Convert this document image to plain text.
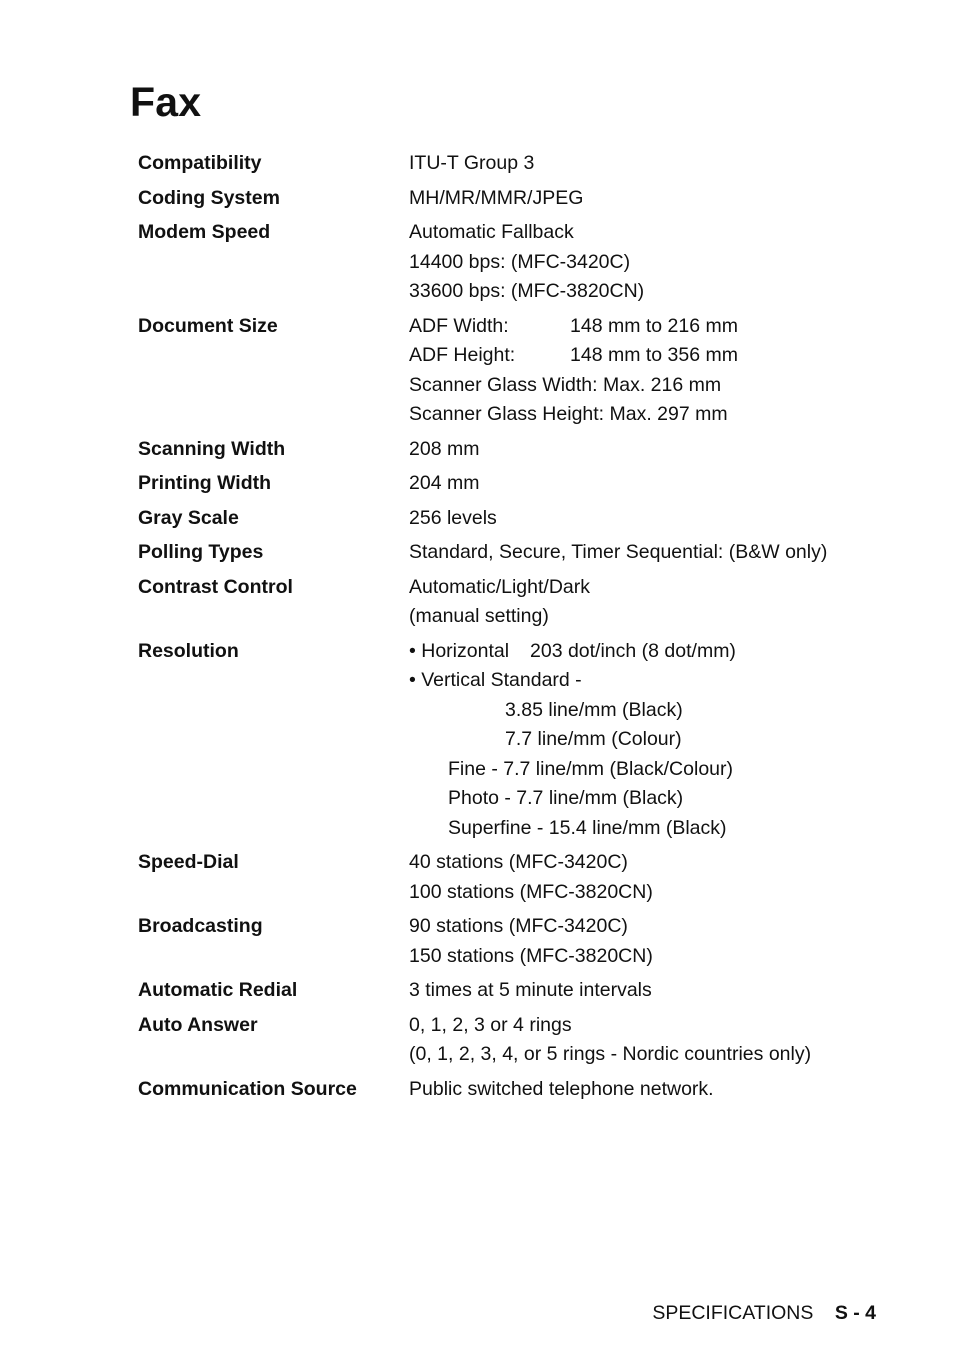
Fax
Compatibility	ITU-T Group 3
Coding System	MH/MR/MMR/JPEG
Modem Speed	Automatic Fallback
14400 bps: (MFC-3420C)
33600 bps: (MFC-3820CN)
Document Size	ADF Width:	148 mm to 216 mm
ADF Height:	148 mm to 356 mm
Scanner Glass Width: Max. 216 mm
Scanner Glass Height: Max. 297 mm
Scanning Width	208 mm
Printing Width	204 mm
Gray Scale	256 levels
Polling Types	Standard, Secure, Timer Sequential: (B&W only)
Contrast Control	Automatic/Light/Dark
(manual setting)
Resolution	• Horizontal 203 dot/inch (8 dot/mm)
• Vertical Standard -
3.85 line/mm (Black)
7.7 line/mm (Colour)
Fine - 7.7 line/mm (Black/Colour)
Photo - 7.7 line/mm (Black)
Superfine - 15.4 line/mm (Black)
Speed-Dial	40 stations (MFC-3420C)
100 stations (MFC-3820CN)
Broadcasting	90 stations (MFC-3420C)
150 stations (MFC-3820CN)
Automatic Redial	3 times at 5 minute intervals
Auto Answer	0, 1, 2, 3 or 4 rings
(0, 1, 2, 3, 4, or 5 rings - Nordic countries only)
Communication Source	Public switched telephone network.
SPECIFICATIONS S - 4
